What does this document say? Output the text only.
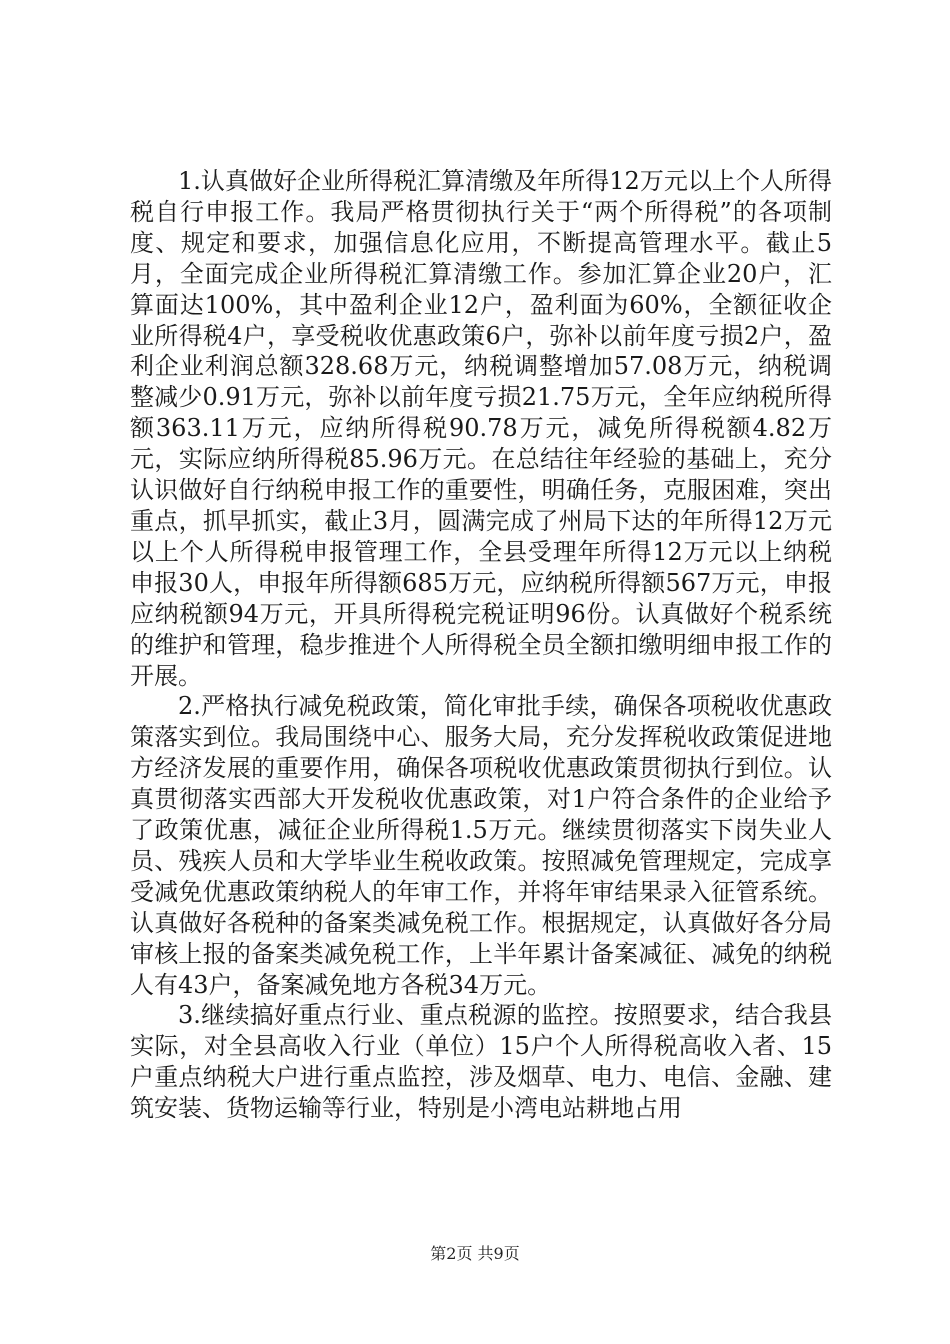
1.认真做好企业所得税汇算清缴及年所得12万元以上个人所得税自行申报工作。我局严格贯彻执行关于“两个所得税”的各项制度、规定和要求，加强信息化应用，不断提高管理水平。截止5月，全面完成企业所得税汇算清缴工作。参加汇算企业20户，汇算面达100%，其中盈利企业12户，盈利面为60%，全额征收企业所得税4户，享受税收优惠政策6户，弥补以前年度亏损2户，盈利企业利润总额328.68万元，纳税调整增加57.08万元，纳税调整减少0.91万元，弥补以前年度亏损21.75万元，全年应纳税所得额363.11万元，应纳所得税90.78万元，减免所得税额4.82万元，实际应纳所得税85.96万元。在总结往年经验的基础上，充分认识做好自行纳税申报工作的重要性，明确任务，克服困难，突出重点，抓早抓实，截止3月，圆满完成了州局下达的年所得12万元以上个人所得税申报管理工作，全县受理年所得12万元以上纳税申报30人，申报年所得额685万元，应纳税所得额567万元，申报应纳税额94万元，开具所得税完税证明96份。认真做好个税系统的维护和管理，稳步推进个人所得税全员全额扣缴明细申报工作的开展。

2.严格执行减免税政策，简化审批手续，确保各项税收优惠政策落实到位。我局围绕中心、服务大局，充分发挥税收政策促进地方经济发展的重要作用，确保各项税收优惠政策贯彻执行到位。认真贯彻落实西部大开发税收优惠政策，对1户符合条件的企业给予了政策优惠，减征企业所得税1.5万元。继续贯彻落实下岗失业人员、残疾人员和大学毕业生税收政策。按照减免管理规定，完成享受减免优惠政策纳税人的年审工作，并将年审结果录入征管系统。认真做好各税种的备案类减免税工作。根据规定，认真做好各分局审核上报的备案类减免税工作，上半年累计备案减征、减免的纳税人有43户，备案减免地方各税34万元。

3.继续搞好重点行业、重点税源的监控。按照要求，结合我县实际，对全县高收入行业（单位）15户个人所得税高收入者、15户重点纳税大户进行重点监控，涉及烟草、电力、电信、金融、建筑安装、货物运输等行业，特别是小湾电站耕地占用

第2页 共9页
